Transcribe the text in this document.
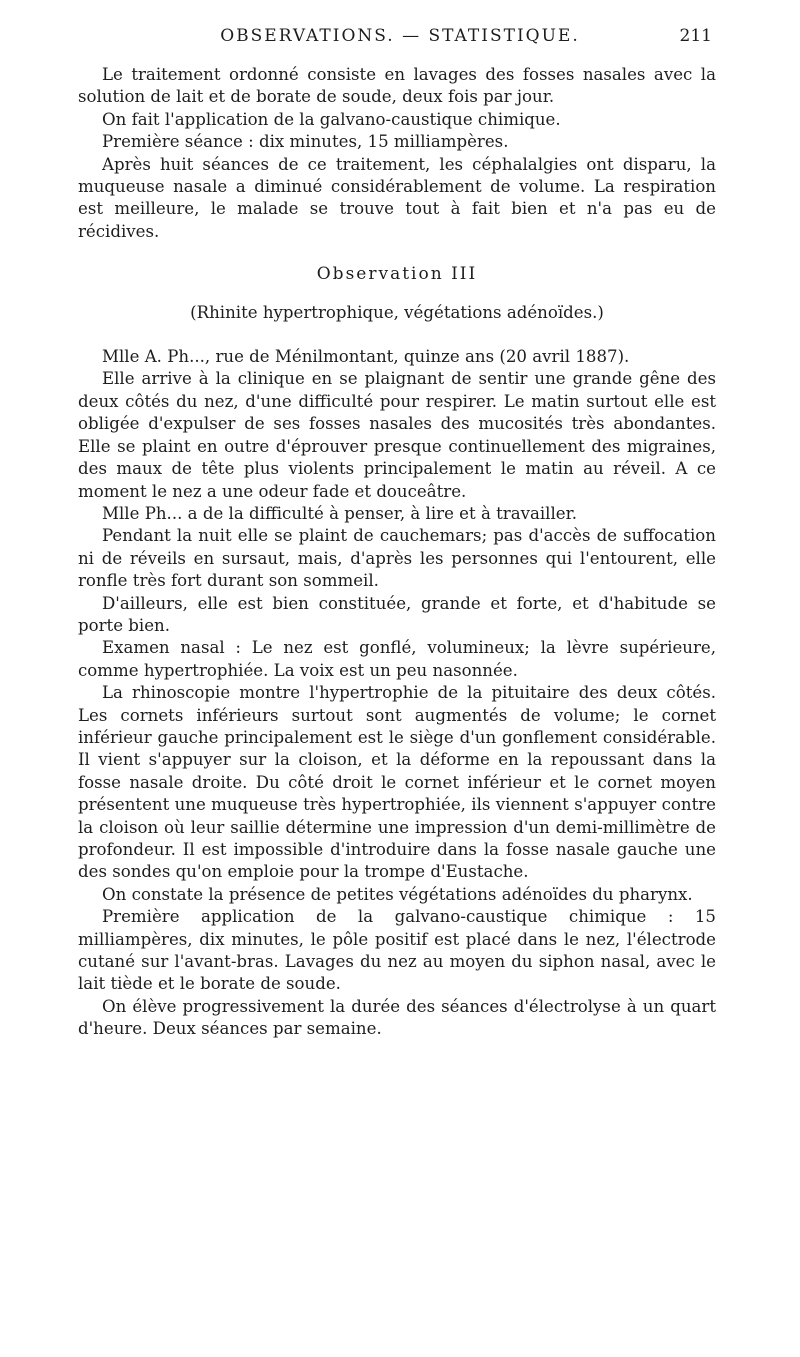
OBSERVATIONS. — STATISTIQUE.	211

Le traitement ordonné consiste en lavages des fosses nasales avec la solution de lait et de borate de soude, deux fois par jour.

On fait l'application de la galvano-caustique chimique.

Première séance : dix minutes, 15 milliampères.

Après huit séances de ce traitement, les céphalalgies ont disparu, la muqueuse nasale a diminué considérablement de volume. La respiration est meilleure, le malade se trouve tout à fait bien et n'a pas eu de récidives.

Observation III
(Rhinite hypertrophique, végétations adénoïdes.)

Mlle A. Ph..., rue de Ménilmontant, quinze ans (20 avril 1887).

Elle arrive à la clinique en se plaignant de sentir une grande gêne des deux côtés du nez, d'une difficulté pour respirer. Le matin surtout elle est obligée d'expulser de ses fosses nasales des mucosités très abondantes. Elle se plaint en outre d'éprouver presque continuellement des migraines, des maux de tête plus violents principalement le matin au réveil. A ce moment le nez a une odeur fade et douceâtre.

Mlle Ph... a de la difficulté à penser, à lire et à travailler.

Pendant la nuit elle se plaint de cauchemars; pas d'accès de suffocation ni de réveils en sursaut, mais, d'après les personnes qui l'entourent, elle ronfle très fort durant son sommeil.

D'ailleurs, elle est bien constituée, grande et forte, et d'habitude se porte bien.

Examen nasal : Le nez est gonflé, volumineux; la lèvre supérieure, comme hypertrophiée. La voix est un peu nasonnée.

La rhinoscopie montre l'hypertrophie de la pituitaire des deux côtés. Les cornets inférieurs surtout sont augmentés de volume; le cornet inférieur gauche principalement est le siège d'un gonflement considérable. Il vient s'appuyer sur la cloison, et la déforme en la repoussant dans la fosse nasale droite. Du côté droit le cornet inférieur et le cornet moyen présentent une muqueuse très hypertrophiée, ils viennent s'appuyer contre la cloison où leur saillie détermine une impression d'un demi-millimètre de profondeur. Il est impossible d'introduire dans la fosse nasale gauche une des sondes qu'on emploie pour la trompe d'Eustache.

On constate la présence de petites végétations adénoïdes du pharynx.

Première application de la galvano-caustique chimique : 15 milliampères, dix minutes, le pôle positif est placé dans le nez, l'électrode cutané sur l'avant-bras. Lavages du nez au moyen du siphon nasal, avec le lait tiède et le borate de soude.

On élève progressivement la durée des séances d'électrolyse à un quart d'heure. Deux séances par semaine.
